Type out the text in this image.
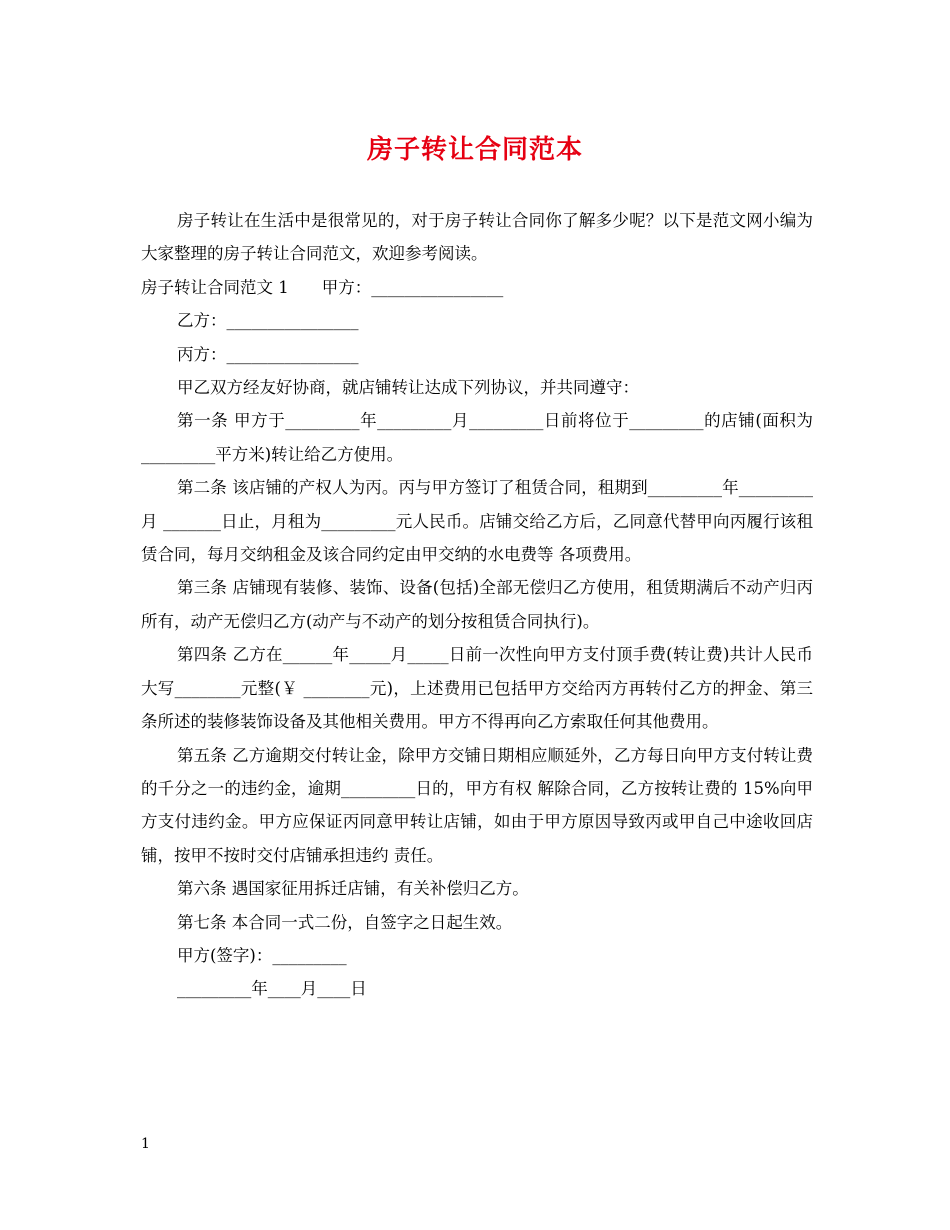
房子转让合同范本

房子转让在生活中是很常见的，对于房子转让合同你了解多少呢？以下是范文网小编为大家整理的房子转让合同范文，欢迎参考阅读。

房子转让合同范文 1　　甲方：________________

乙方：________________

丙方：________________

甲乙双方经友好协商，就店铺转让达成下列协议，并共同遵守：

第一条 甲方于_________年_________月_________日前将位于_________的店铺(面积为_________平方米)转让给乙方使用。

第二条 该店铺的产权人为丙。丙与甲方签订了租赁合同，租期到_________年_________月 _______日止，月租为_________元人民币。店铺交给乙方后，乙同意代替甲向丙履行该租赁合同，每月交纳租金及该合同约定由甲交纳的水电费等 各项费用。

第三条 店铺现有装修、装饰、设备(包括)全部无偿归乙方使用，租赁期满后不动产归丙所有，动产无偿归乙方(动产与不动产的划分按租赁合同执行)。

第四条 乙方在______年_____月_____日前一次性向甲方支付顶手费(转让费)共计人民币大写________元整(￥ ________元)，上述费用已包括甲方交给丙方再转付乙方的押金、第三条所述的装修装饰设备及其他相关费用。甲方不得再向乙方索取任何其他费用。

第五条 乙方逾期交付转让金，除甲方交铺日期相应顺延外，乙方每日向甲方支付转让费的千分之一的违约金，逾期_________日的，甲方有权 解除合同，乙方按转让费的 15%向甲方支付违约金。甲方应保证丙同意甲转让店铺，如由于甲方原因导致丙或甲自己中途收回店铺，按甲不按时交付店铺承担违约 责任。

第六条 遇国家征用拆迁店铺，有关补偿归乙方。

第七条 本合同一式二份，自签字之日起生效。

甲方(签字)：_________

_________年____月____日

1
